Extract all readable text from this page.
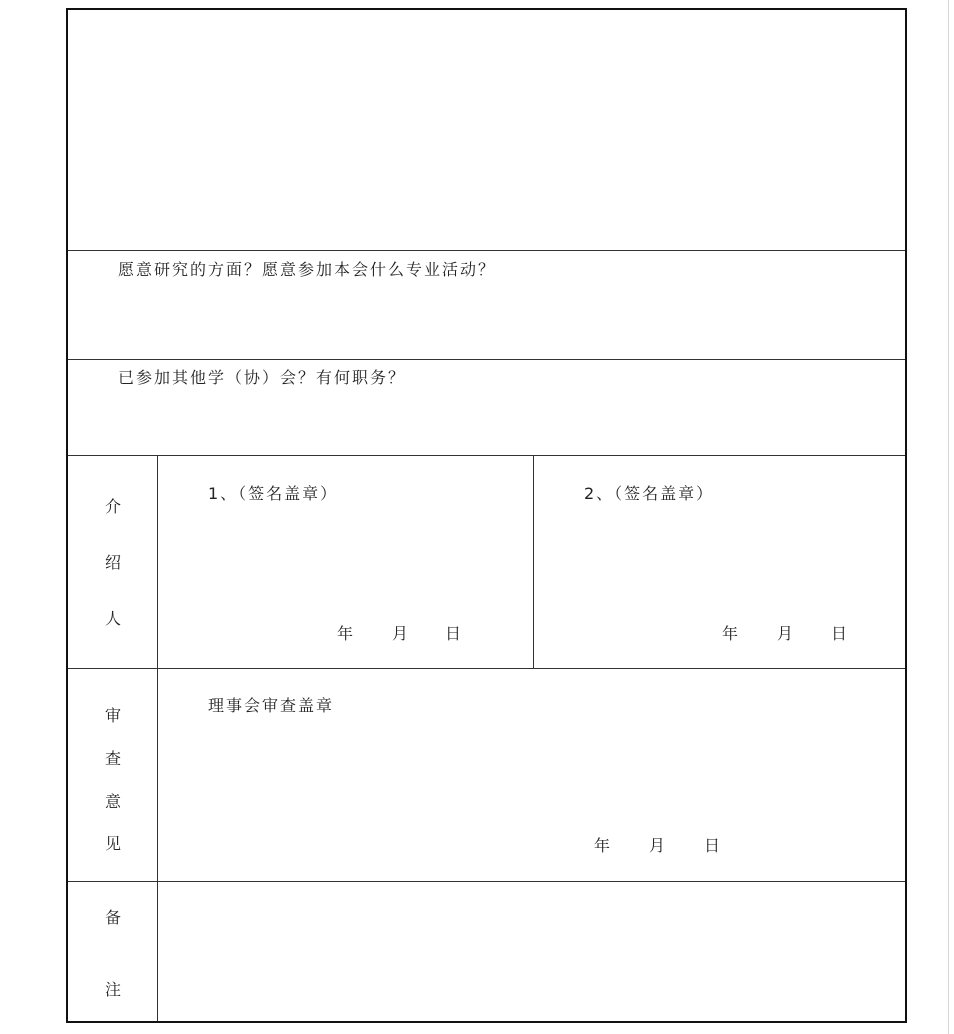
愿意研究的方面？愿意参加本会什么专业活动？
已参加其他学（协）会？有何职务？
介
绍
人
1、（签名盖章）
年 月 日
2、（签名盖章）
年 月 日
审
查
意
见
理事会审查盖章
年 月 日
备
注
